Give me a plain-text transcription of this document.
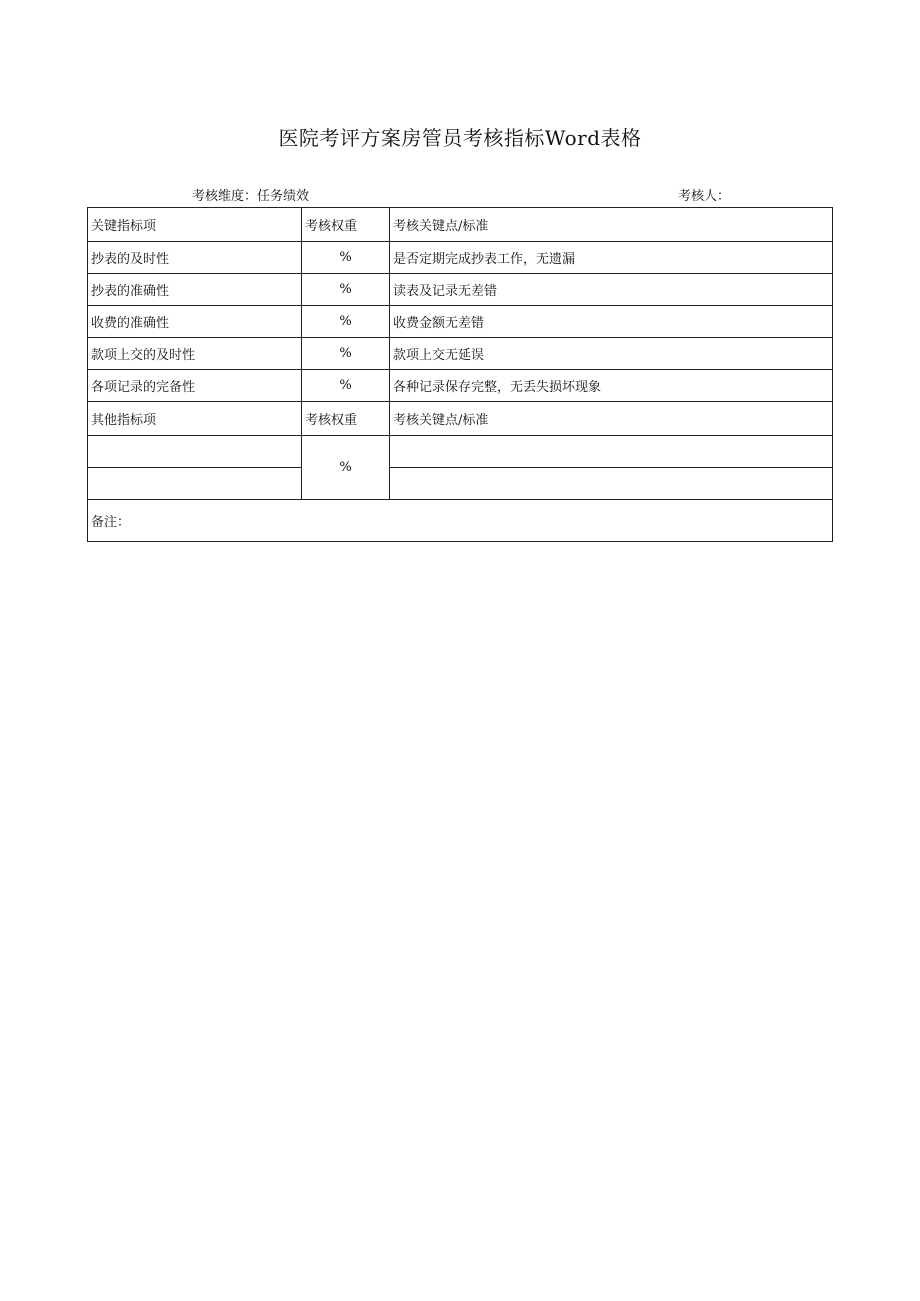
医院考评方案房管员考核指标Word表格
考核维度：任务绩效	考核人：
关键指标项	考核权重	考核关键点/标准
抄表的及时性	%	是否定期完成抄表工作，无遗漏
抄表的准确性	%	读表及记录无差错
收费的准确性	%	收费金额无差错
款项上交的及时性	%	款项上交无延误
各项记录的完备性	%	各种记录保存完整，无丢失损坏现象
其他指标项	考核权重	考核关键点/标准
	%	

备注：		
